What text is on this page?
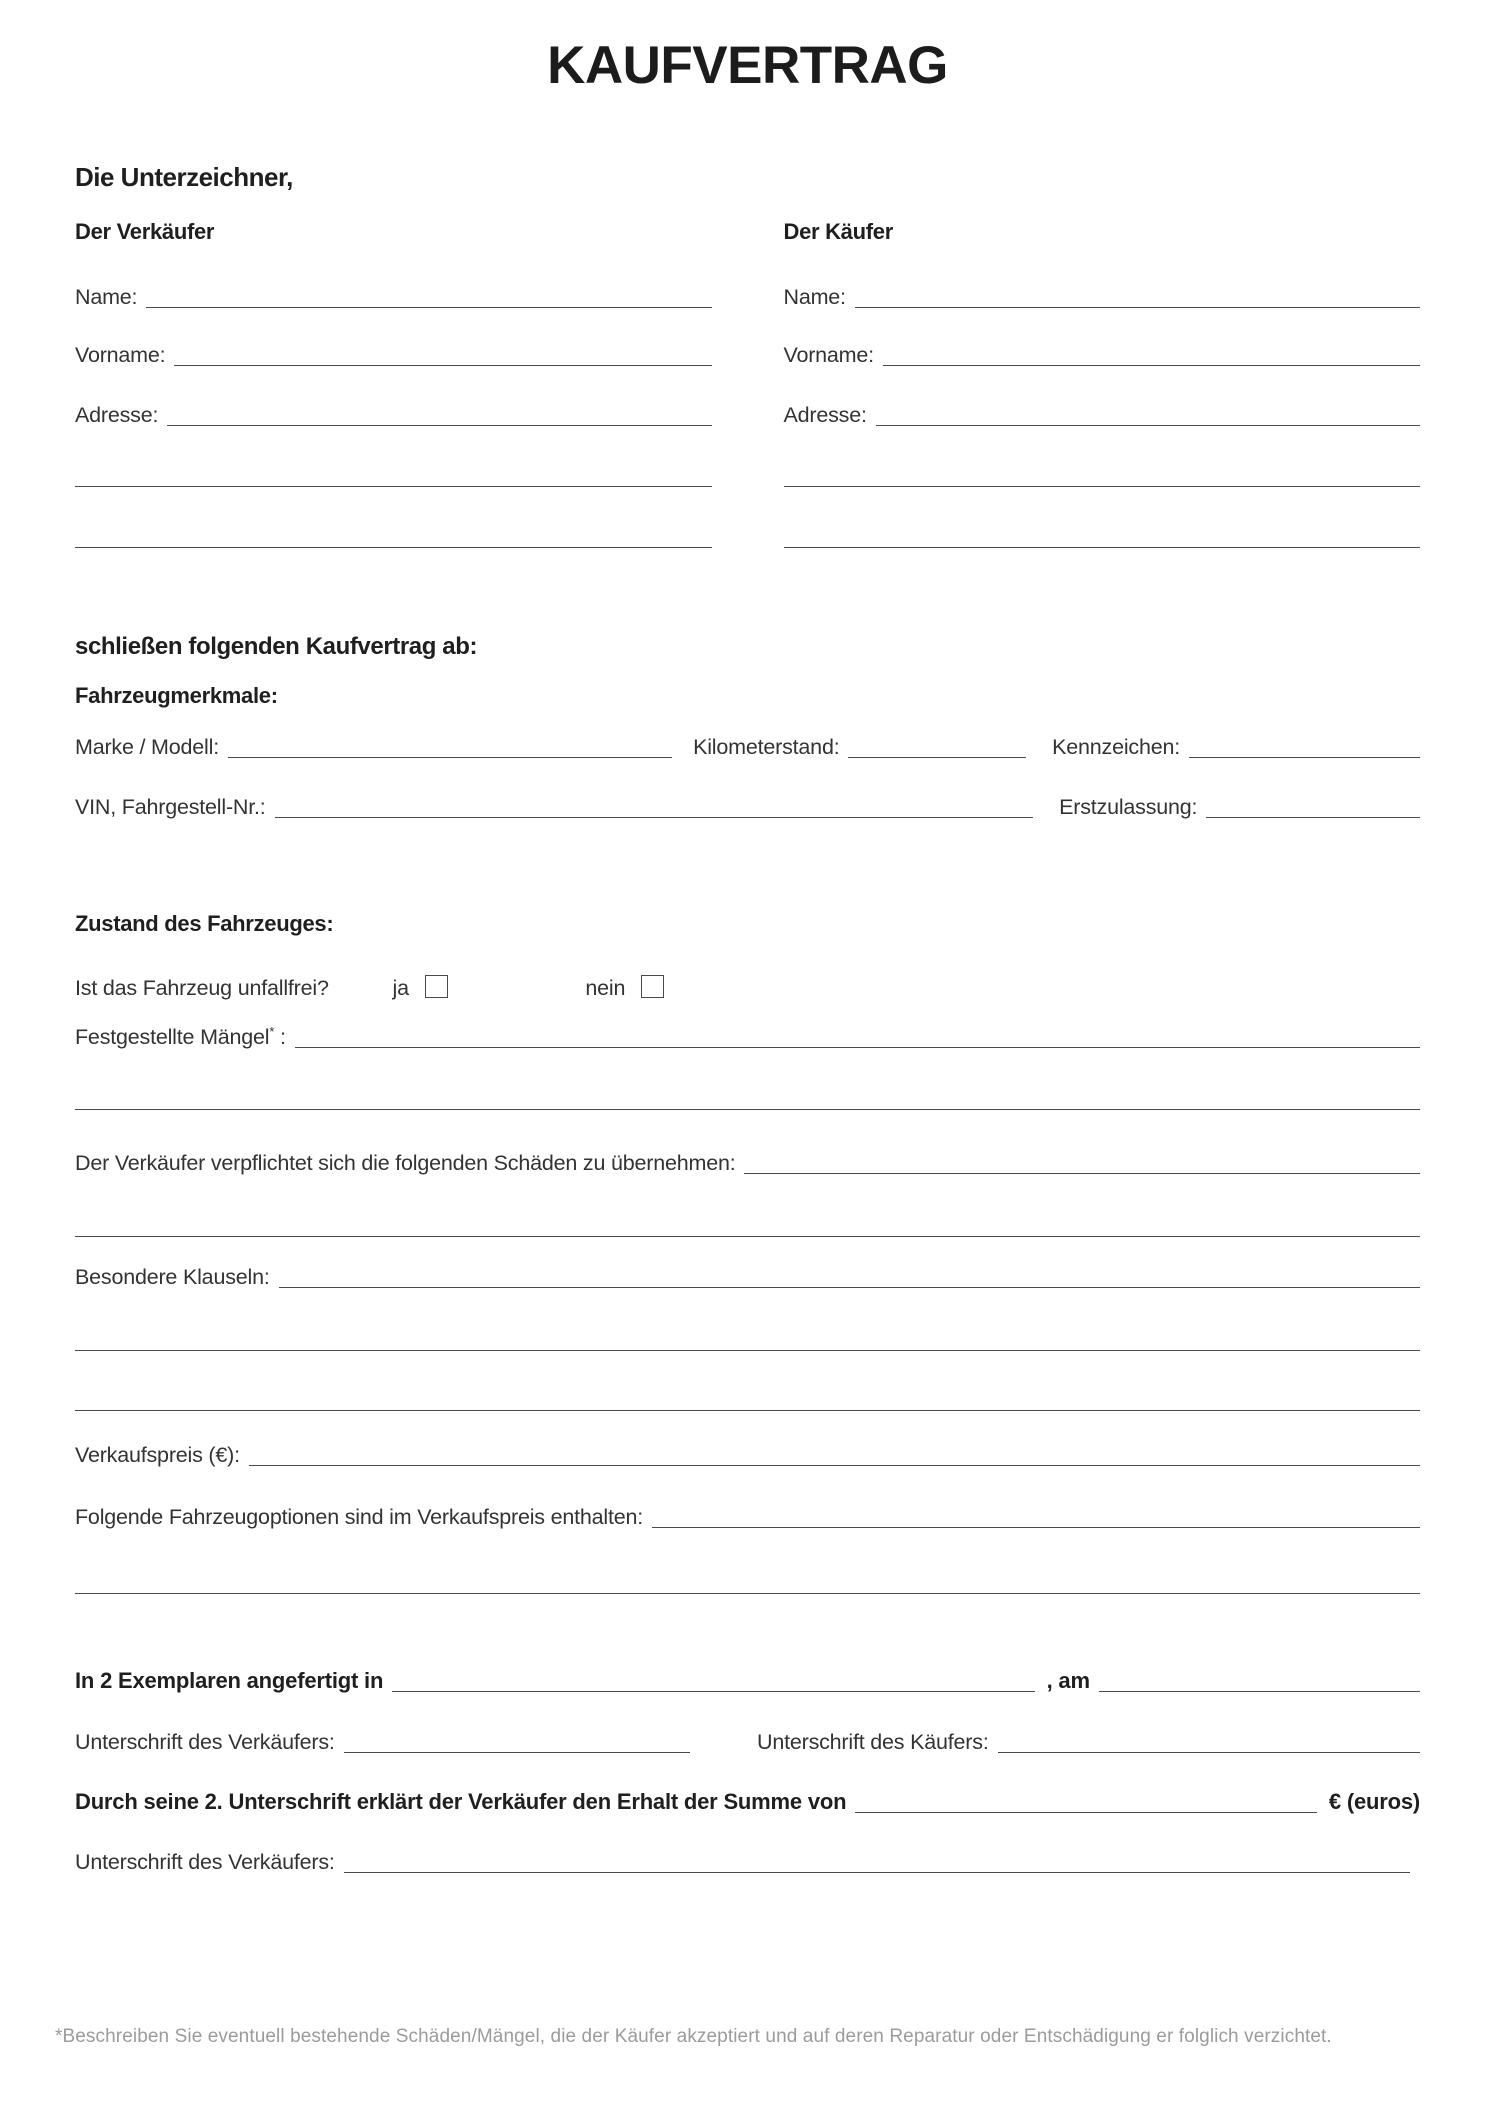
KAUFVERTRAG
Die Unterzeichner,
Der Verkäufer
Name:
Vorname:
Adresse:
Der Käufer
Name:
Vorname:
Adresse:
schließen folgenden Kaufvertrag ab:
Fahrzeugmerkmale:
Marke / Modell:	Kilometerstand:	Kennzeichen:
VIN, Fahrgestell-Nr.:	Erstzulassung:
Zustand des Fahrzeuges:
Ist das Fahrzeug unfallfrei?	ja	nein
Festgestellte Mängel* :
Der Verkäufer verpflichtet sich die folgenden Schäden zu übernehmen:
Besondere Klauseln:
Verkaufspreis (€):
Folgende Fahrzeugoptionen sind im Verkaufspreis enthalten:
In 2 Exemplaren angefertigt in	, am
Unterschrift des Verkäufers:	Unterschrift des Käufers:
Durch seine 2. Unterschrift erklärt der Verkäufer den Erhalt der Summe von	€ (euros)
Unterschrift des Verkäufers:
*Beschreiben Sie eventuell bestehende Schäden/Mängel, die der Käufer akzeptiert und auf deren Reparatur oder Entschädigung er folglich verzichtet.
